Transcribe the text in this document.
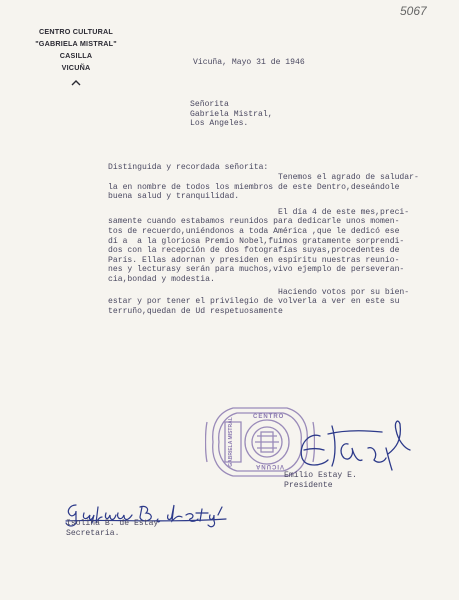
5067
CENTRO CULTURAL
"GABRIELA MISTRAL"
CASILLA
VICUÑA
Vicuña, Mayo 31 de 1946
Señorita
Gabriela Mistral,
Los Angeles.
Distinguida y recordada señorita:
Tenemos el agrado de saludar-
la en nombre de todos los miembros de este Dentro,deseándole
buena salud y tranquilidad.
El día 4 de este mes,preci-
samente cuando estabamos reunidos para dedicarle unos momen-
tos de recuerdo,uniéndonos a toda América ,que le dedicó ese
dí a  a la gloriosa Premio Nobel,fuimos gratamente sorprendi-
dos con la recepción de dos fotografías suyas,procedentes de
París. Ellas adornan y presiden en espíritu nuestras reunio-
nes y lecturasy serán para muchos,vivo ejemplo de perseveran-
cia,bondad y modestia.
Haciendo votos por su bien-
estar y por tener el privilegio de volverla a ver en este su
terruño,quedan de Ud respetuosamente
CENTRO
GABRIELA MISTRAL	VICUÑA
Emilio Estay E.
Presidente
Isolina B. de Estay
Secretaria.
